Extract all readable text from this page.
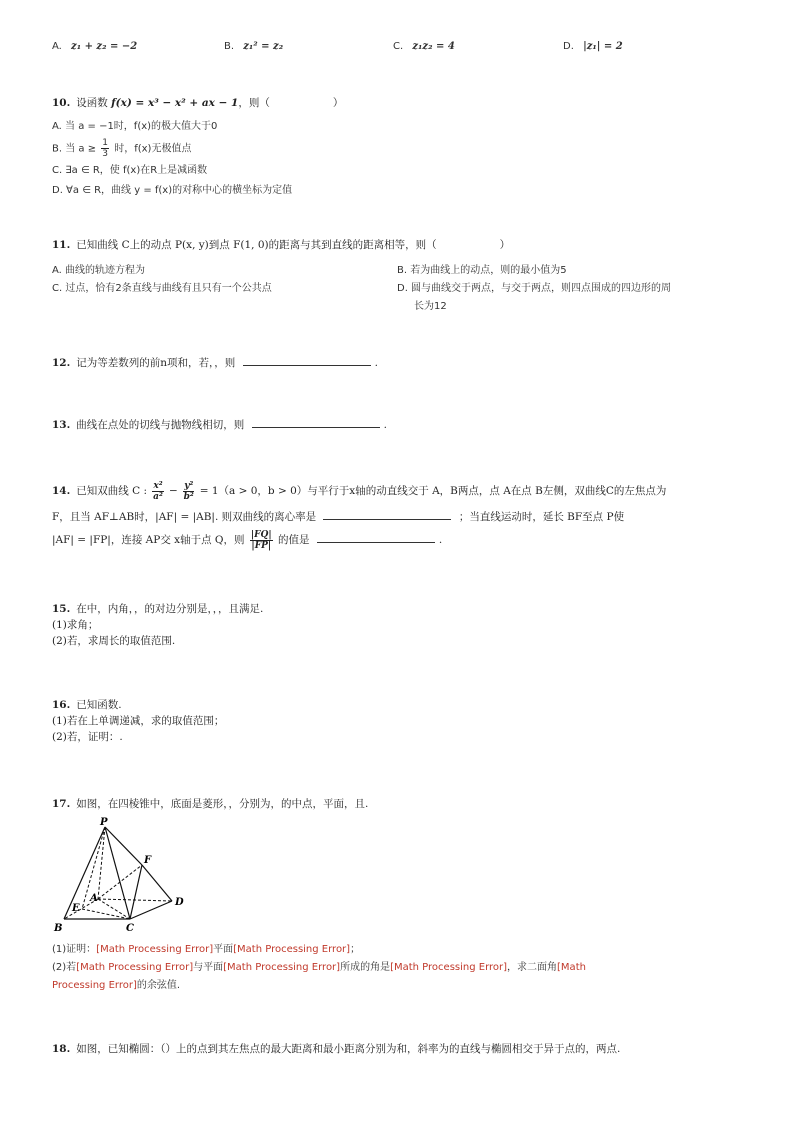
A. z₁ + z₂ = −2	B. z₁² = z₂	C. z₁z₂ = 4	D. |z₁| = 2
10. 设函数 f(x) = x³ − x² + ax − 1，则（　　　　　　）
A. 当 a = −1时，f(x)的极大值大于0
B. 当 $a \ge \frac{1}{3}$ 时，f(x)无极值点
C. ∃a ∈ R，使 f(x)在R上是减函数
D. ∀a ∈ R，曲线 y = f(x)的对称中心的横坐标为定值
11. 已知曲线 C上的动点 P(x, y)到点 F(1, 0)的距离与其到直线的距离相等，则（　　　　　　）
A. 曲线的轨迹方程为	B. 若为曲线上的动点，则的最小值为5
C. 过点，恰有2条直线与曲线有且只有一个公共点	D. 圆与曲线交于两点，与交于两点，则四点围成的四边形的周
长为12
12. 记为等差数列的前n项和，若，，则	.
13. 曲线在点处的切线与抛物线相切，则	.
14. 已知双曲线 C : $\frac{\text{x²}}{\text{a²}} - \frac{\text{y²}}{\text{b²}} = 1(a > 0$，b > 0）与平行于x轴的动直线交于 A，B两点，点 A在点 B左侧，双曲线C的左焦点为
F，且当 AF⊥AB时，|AF| = |AB|. 则双曲线的离心率是	；当直线运动时，延长 BF至点 P使
|AF| = |FP|，连接 AP交 x轴于点 Q，则 $\frac{|FQ|}{|FP|}$ 的值是	.
15. 在中，内角，，的对边分别是，，，且满足.
(1)求角；
(2)若，求周长的取值范围.
16. 已知函数.
(1)若在上单调递减，求的取值范围；
(2)若，证明：.
17. 如图，在四棱锥中，底面是菱形，，分别为，的中点，平面，且.
P
F
A
E
D
B	C
(1)证明：[Math Processing Error]平面[Math Processing Error]；
(2)若[Math Processing Error]与平面[Math Processing Error]所成的角是[Math Processing Error]，求二面角[Math
Processing Error]的余弦值.
18. 如图，已知椭圆：（）上的点到其左焦点的最大距离和最小距离分别为和，斜率为的直线与椭圆相交于异于点的，两点.
